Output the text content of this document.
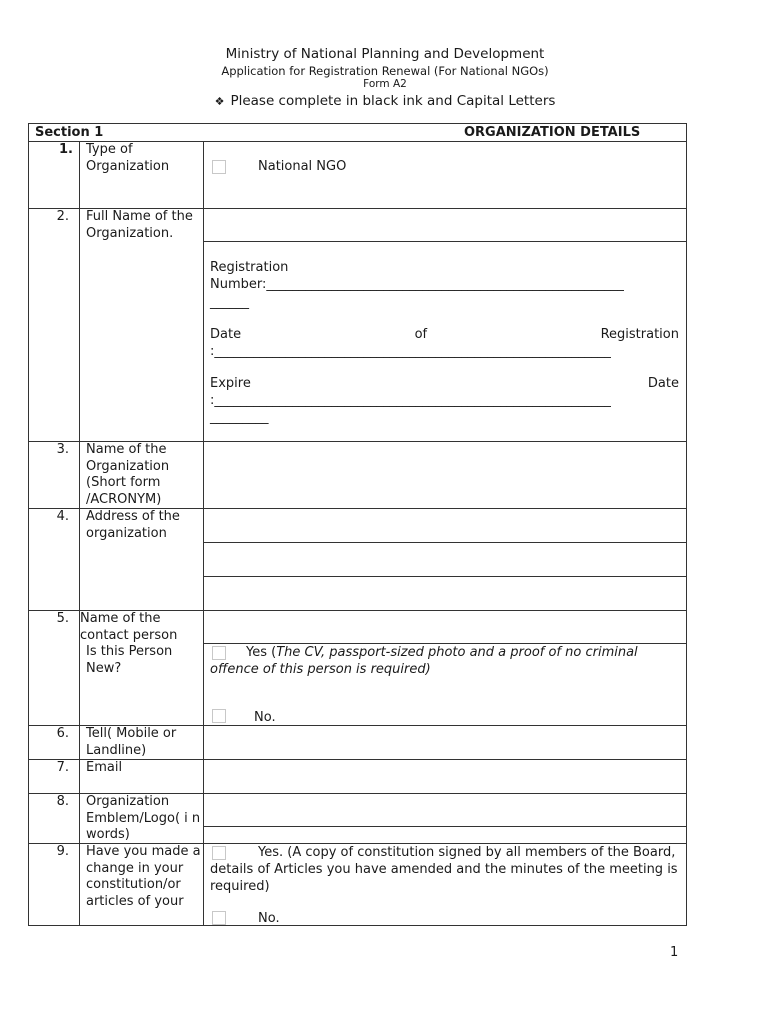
Ministry of National Planning and Development

Application for Registration Renewal (For National NGOs)

Form A2

❖ Please complete in black ink and Capital Letters

Section 1	ORGANIZATION DETAILS
1. Type of Organization	National NGO
2. Full Name of the Organization.
Registration
Number:_______________________________________________________
______
Date	of	Registration
:_____________________________________________________________
Expire	Date
:_____________________________________________________________
_________
3. Name of the Organization (Short form /ACRONYM)
4. Address of the organization
5. Name of the contact person
Is this Person New?
Yes (The CV, passport-sized photo and a proof of no criminal offence of this person is required)
No.
6. Tell( Mobile or Landline)
7. Email
8. Organization Emblem/Logo( i n words)
9. Have you made a change in your constitution/or articles of your
Yes. (A copy of constitution signed by all members of the Board, details of Articles you have amended and the minutes of the meeting is required)
No.
1
